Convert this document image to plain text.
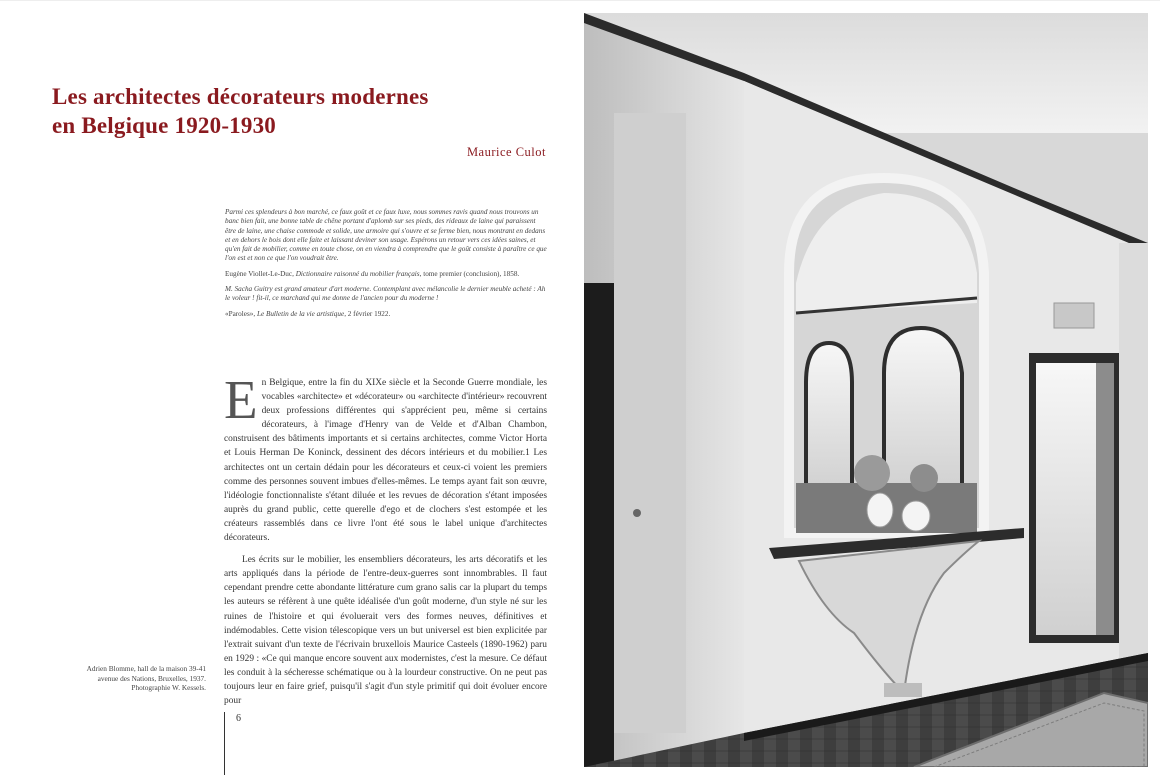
Les architectes décorateurs modernes
en Belgique 1920-1930
Maurice Culot

Parmi ces splendeurs à bon marché, ce faux goût et ce faux luxe, nous sommes ravis quand nous trouvons un banc bien fait, une bonne table de chêne portant d'aplomb sur ses pieds, des rideaux de laine qui paraissent être de laine, une chaise commode et solide, une armoire qui s'ouvre et se ferme bien, nous montrant en dedans et en dehors le bois dont elle faite et laissant deviner son usage. Espérons un retour vers ces idées saines, et qu'en fait de mobilier, comme en toute chose, on en viendra à comprendre que le goût consiste à paraître ce que l'on est et non ce que l'on voudrait être.

Eugène Viollet-Le-Duc, Dictionnaire raisonné du mobilier français, tome premier (conclusion), 1858.

M. Sacha Guitry est grand amateur d'art moderne. Contemplant avec mélancolie le dernier meuble acheté : Ah le voleur ! fit-il, ce marchand qui me donne de l'ancien pour du moderne !

«Paroles», Le Bulletin de la vie artistique, 2 février 1922.

En Belgique, entre la fin du XIXe siècle et la Seconde Guerre mondiale, les vocables «architecte» et «décorateur» ou «architecte d'intérieur» recouvrent deux professions différentes qui s'apprécient peu, même si certains décorateurs, à l'image d'Henry van de Velde et d'Alban Chambon, construisent des bâtiments importants et si certains architectes, comme Victor Horta et Louis Herman De Koninck, dessinent des décors intérieurs et du mobilier.1 Les architectes ont un certain dédain pour les décorateurs et ceux-ci voient les premiers comme des personnes souvent imbues d'elles-mêmes. Le temps ayant fait son œuvre, l'idéologie fonctionnaliste s'étant diluée et les revues de décoration s'étant imposées auprès du grand public, cette querelle d'ego et de clochers s'est estompée et les créateurs rassemblés dans ce livre l'ont été sous le label unique d'architectes décorateurs.

Les écrits sur le mobilier, les ensembliers décorateurs, les arts décoratifs et les arts appliqués dans la période de l'entre-deux-guerres sont innombrables. Il faut cependant prendre cette abondante littérature cum grano salis car la plupart du temps les auteurs se réfèrent à une quête idéalisée d'un goût moderne, d'un style né sur les ruines de l'histoire et qui évoluerait vers des formes neuves, définitives et indémodables. Cette vision télescopique vers un but universel est bien explicitée par l'extrait suivant d'un texte de l'écrivain bruxellois Maurice Casteels (1890-1962) paru en 1929 : «Ce qui manque encore souvent aux modernistes, c'est la mesure. Ce défaut les conduit à la sécheresse schématique ou à la lourdeur constructive. On ne peut pas toujours leur en faire grief, puisqu'il s'agit d'un style primitif qui doit évoluer encore pour

Adrien Blomme, hall de la maison 39-41
avenue des Nations, Bruxelles, 1937.
Photographie W. Kessels.
6
